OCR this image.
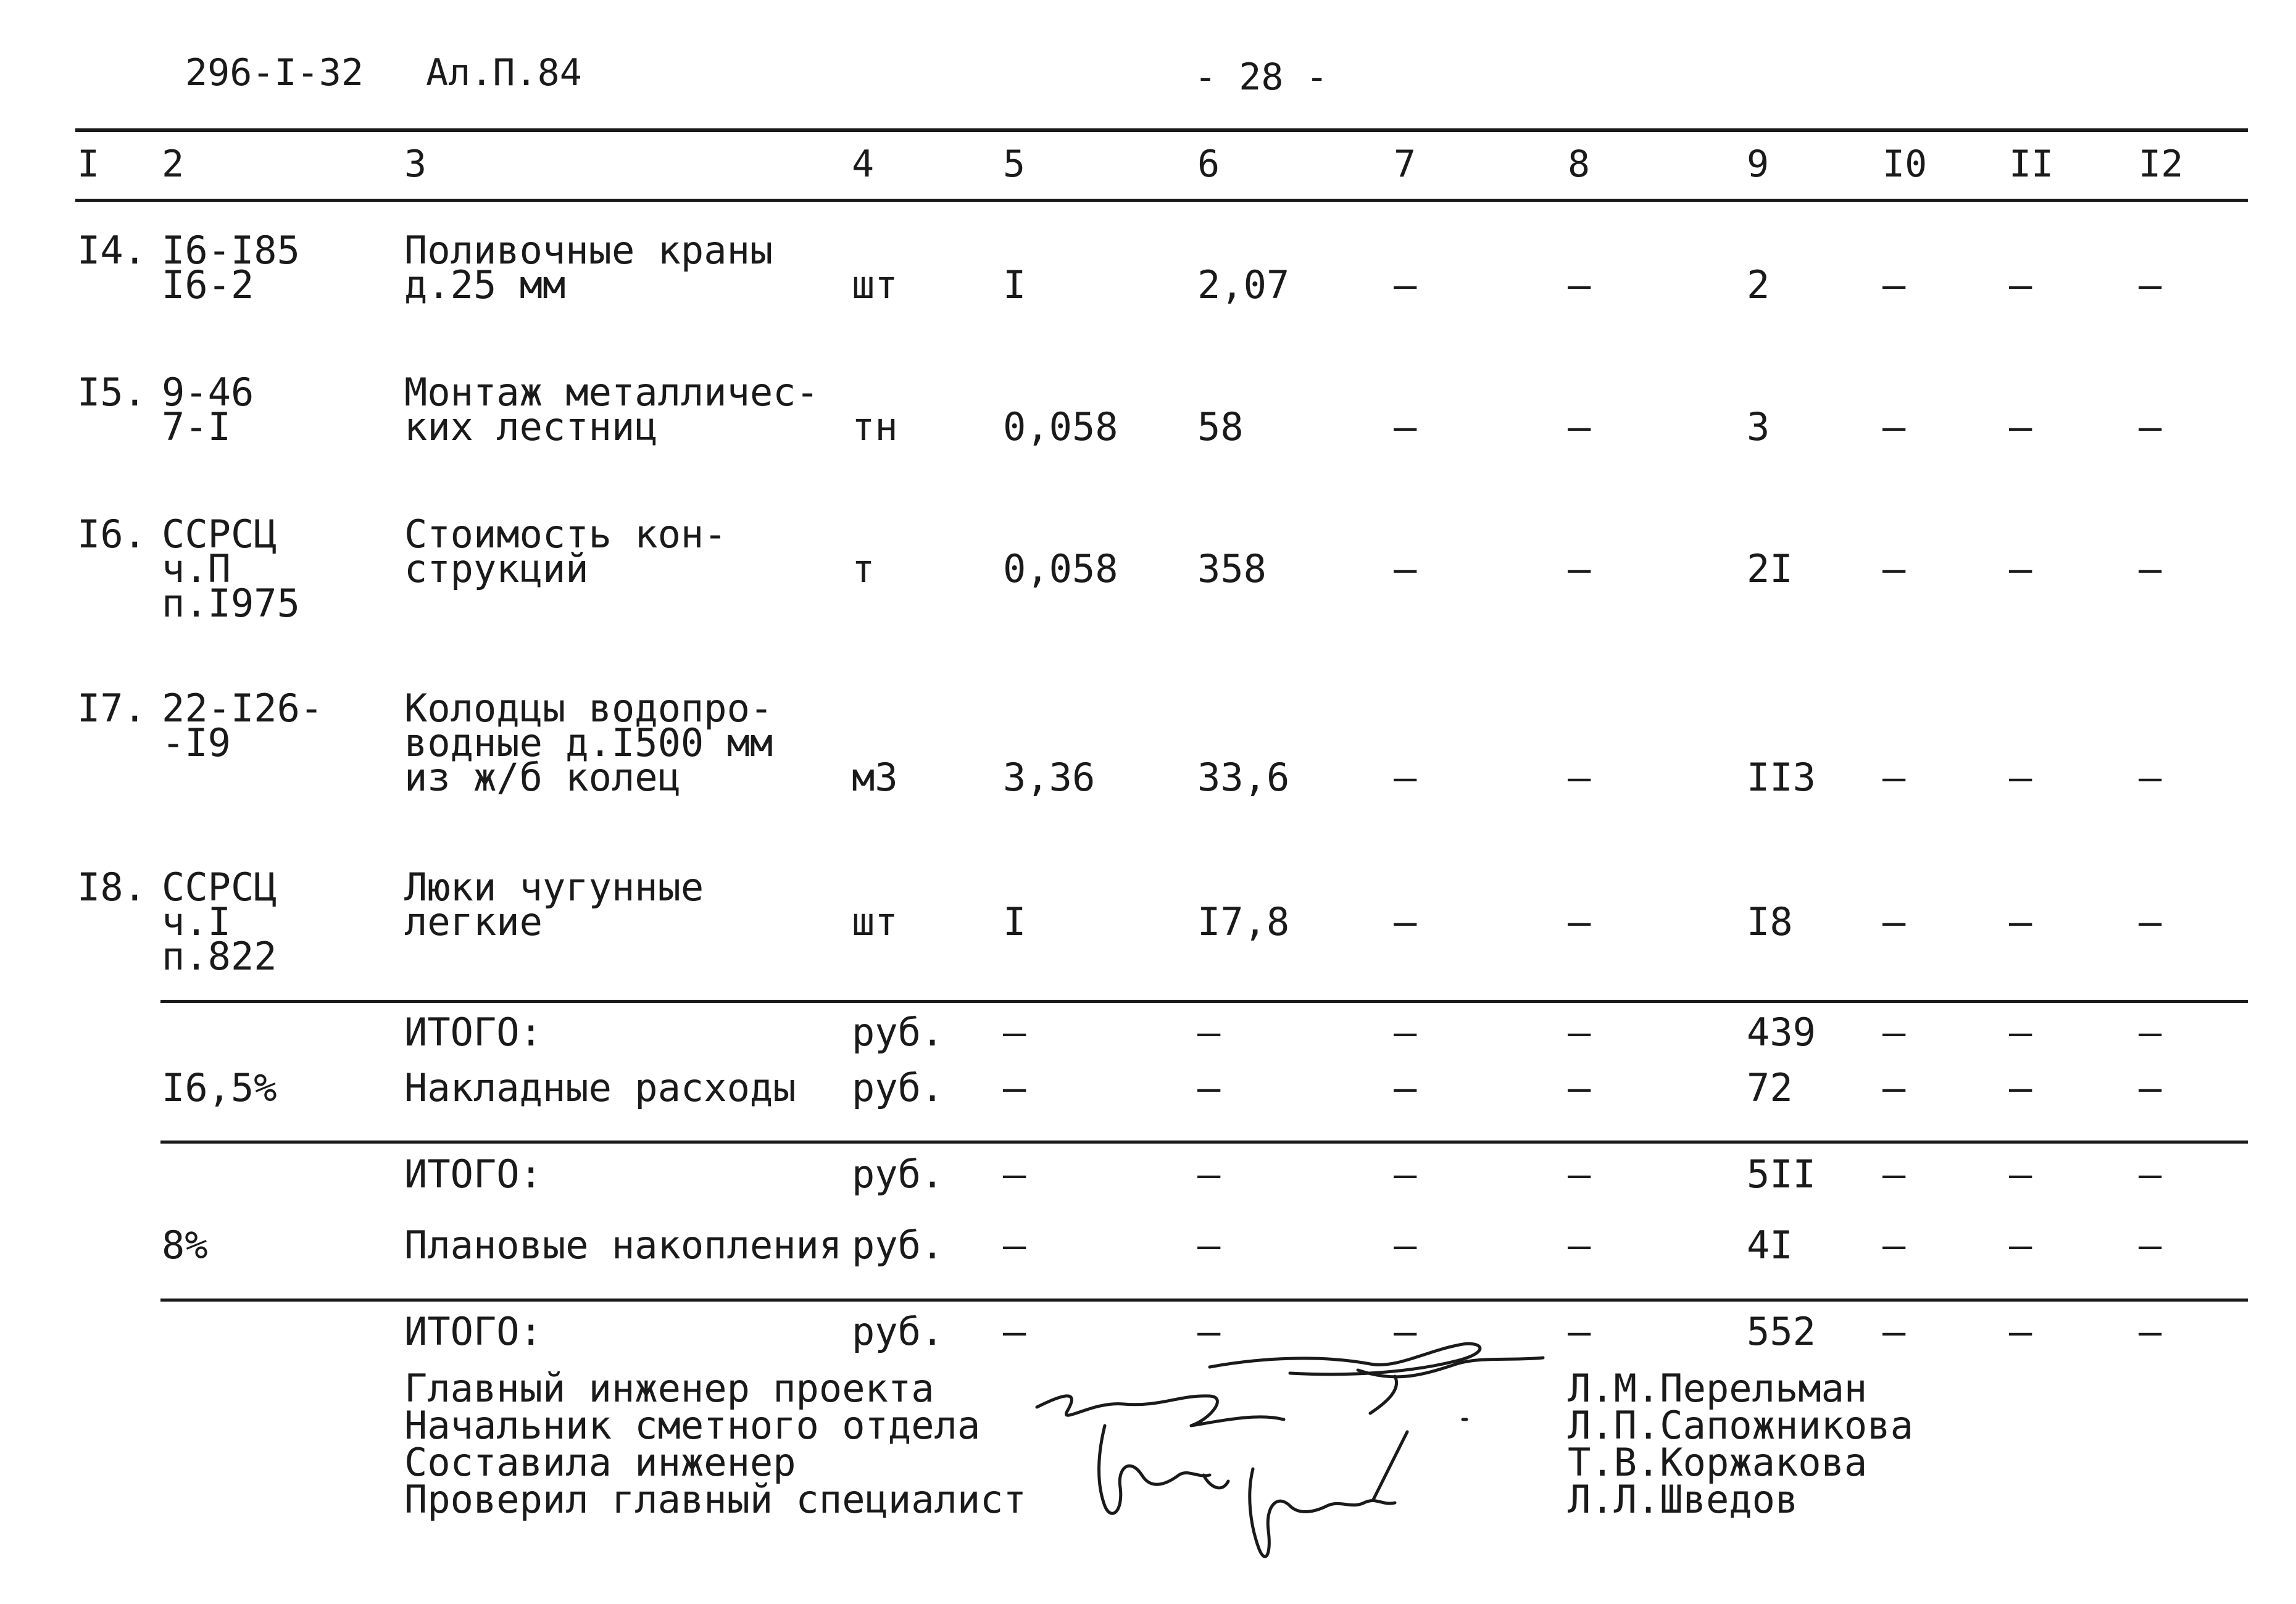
296-I-32 Ал.П.84	- 28 -
I 2	3	4	5	6	7	8	9	I0 II I2
I4. I6-I85
I6-2
Поливочные краны
д.25 мм	шт	I	2,07	–	–	2	–	–	–
I5. 9-46
7-I
Монтаж металличес-
ких лестниц	тн	0,058 58	–	–	3	–	–	–
I6. ССРСЦ
ч.П
п.I975
Стоимость кон-
струкций	т	0,058 358	–	–	2I –	–	–
I7. 22-I26-
-I9
Колодцы водопро-
водные д.I500 мм
из ж/б колец	м3	3,36	33,6	–	–	II3 –	–	–
I8. ССРСЦ
ч.I
п.822
Люки чугунные
легкие	шт	I	I7,8	–	–	I8 –	–	–
ИТОГО:	руб. –	–	–	–	439 –	–	–
I6,5%	Накладные расходы руб. –	–	–	–	72 –	–	–
ИТОГО:	руб. –	–	–	–	5II –	–	–
8%	Плановые накопления руб. –	–	–	–	4I –	–	–
ИТОГО:	руб. –	–	–	–	552 –	–	–
Главный инженер проекта	Л.М.Перельман
Начальник сметного отдела	Л.П.Сапожникова
Составила инженер	Т.В.Коржакова
Проверил главный специалист	Л.Л.Шведов
